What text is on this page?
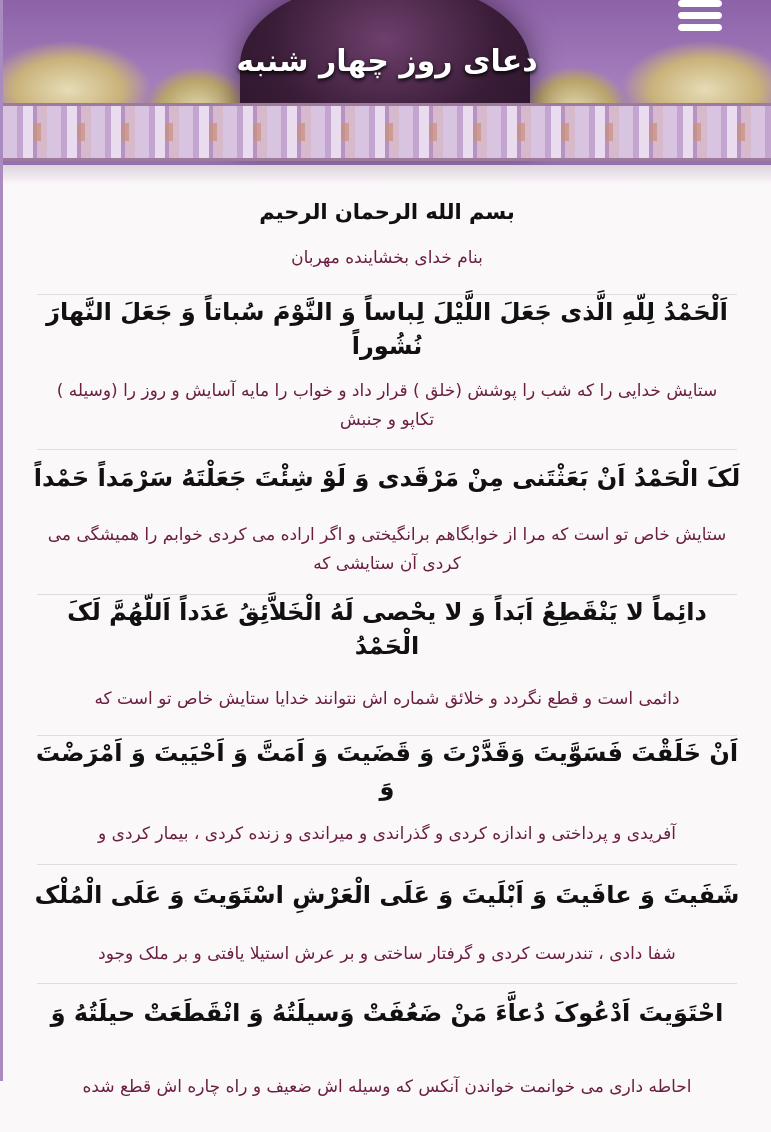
دعای روز چهار شنبه
بسم الله الرحمان الرحیم
بنام خدای بخشاینده مهربان
اَلْحَمْدُ لِلّهِ الَّذی جَعَلَ اللَّیْلَ لِباساً وَ النَّوْمَ سُباتاً وَ جَعَلَ النَّهارَ نُشُوراً
ستایش خدایی را که شب را پوشش (خلق ) قرار داد و خواب را مایه آسایش و روز را (وسیله ) تکاپو و جنبش
لَکَ الْحَمْدُ اَنْ بَعَثْتَنی مِنْ مَرْقَدی وَ لَوْ شِئْتَ جَعَلْتَهُ سَرْمَداً حَمْداً
ستایش خاص تو است که مرا از خوابگاهم برانگیختی و اگر اراده می کردی خوابم را همیشگی می کردی آن ستایشی که
دائِماً لا یَنْقَطِعُ اَبَداً وَ لا یحْصی لَهُ الْخَلاَّئِقُ عَدَداً اَللّهُمَّ لَکَ الْحَمْدُ
دائمی است و قطع نگردد و خلائق شماره اش نتوانند خدایا ستایش خاص تو است که
اَنْ خَلَقْتَ فَسَوَّیتَ وَقَدَّرْتَ وَ قَضَیتَ وَ اَمَتَّ وَ اَحْیَیتَ وَ اَمْرَضْتَ وَ
آفریدی و پرداختی و اندازه کردی و گذراندی و میراندی و زنده کردی ، بیمار کردی و
شَفَیتَ وَ عافَیتَ وَ اَبْلَیتَ وَ عَلَی الْعَرْشِ اسْتَوَیتَ وَ عَلَی الْمُلْک
شفا دادی ، تندرست کردی و گرفتار ساختی و بر عرش استیلا یافتی و بر ملک وجود
احْتَوَیتَ اَدْعُوکَ دُعاَّءَ مَنْ ضَعُفَتْ وَسیلَتُهُ وَ انْقَطَعَتْ حیلَتُهُ وَ
احاطه داری می خوانمت خواندن آنکس که وسیله اش ضعیف و راه چاره اش قطع شده
